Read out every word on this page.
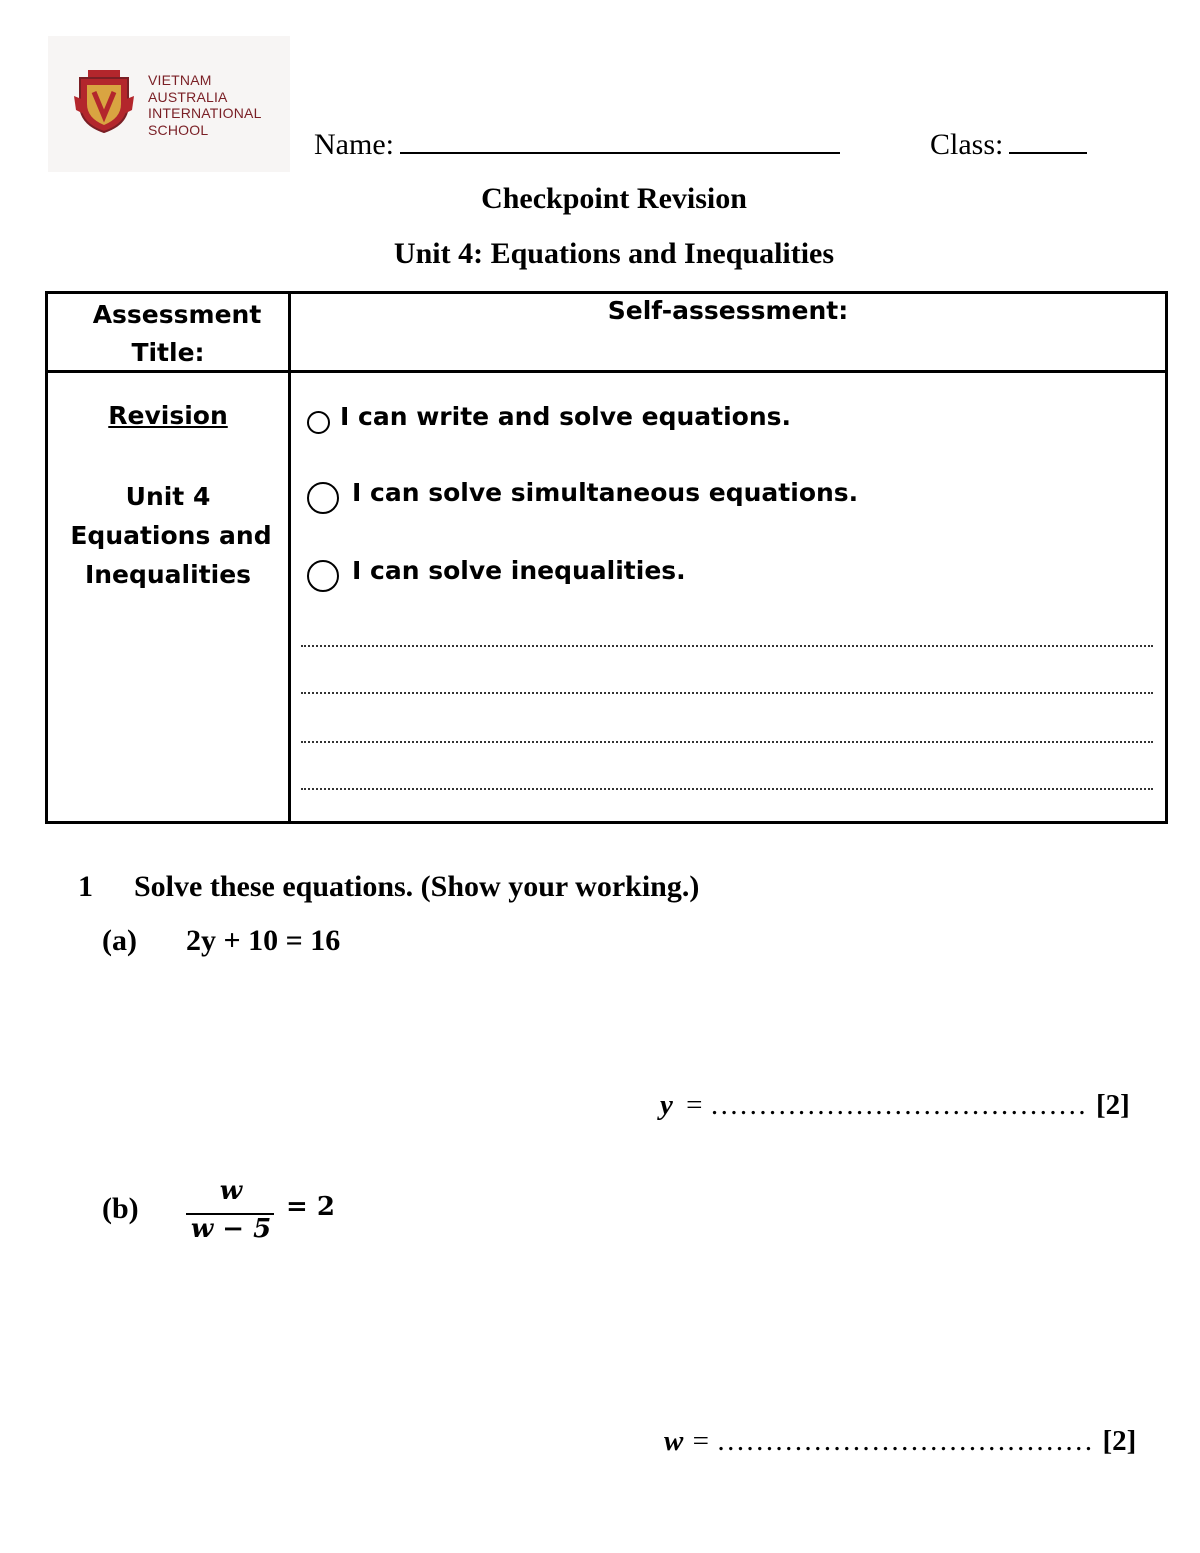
VIETNAM
AUSTRALIA
INTERNATIONAL
SCHOOL	Name:	Class:
Checkpoint Revision
Unit 4: Equations and Inequalities
Assessment
Title:
Self-assessment:
Revision
Unit 4
Equations and
Inequalities
I can write and solve equations.
I can solve simultaneous equations.
I can solve inequalities.
1 Solve these equations. (Show your working.)
(a) 2y + 10 = 16
y = ………………………………… [2]
(b)
w
w − 5
= 2
w = ………………………………… [2]
